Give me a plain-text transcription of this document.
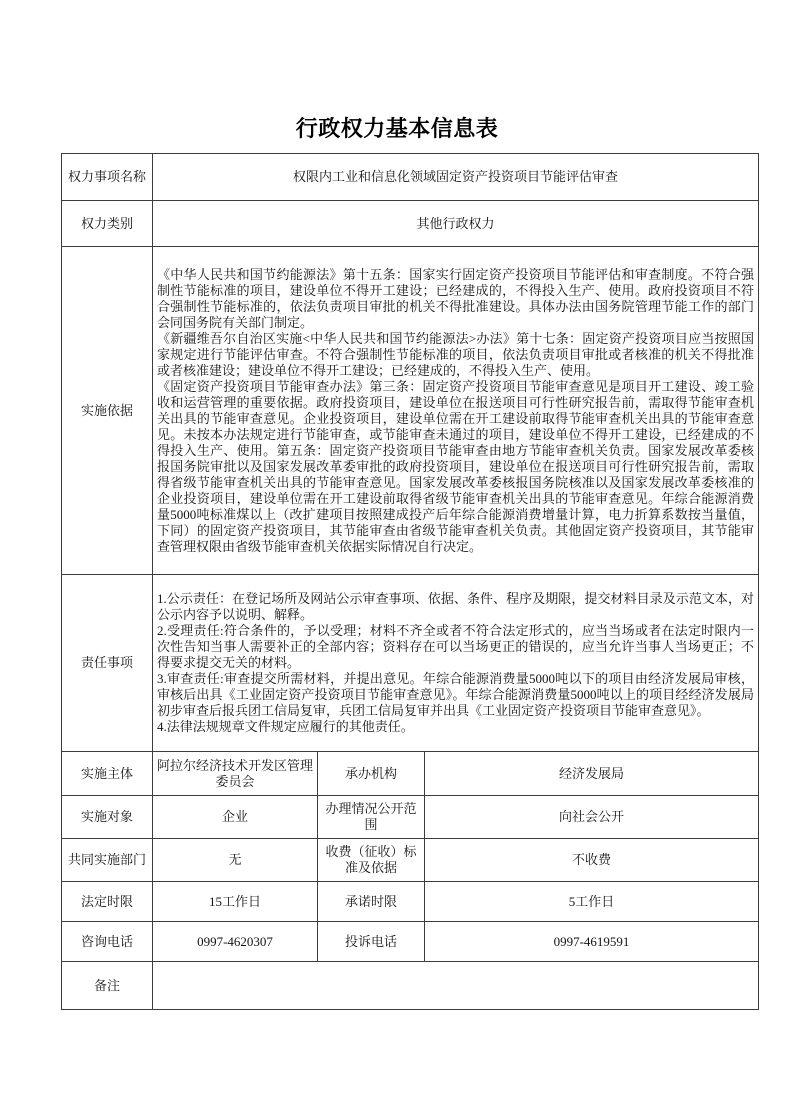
行政权力基本信息表
权力事项名称	权限内工业和信息化领域固定资产投资项目节能评估审查		
权力类别	其他行政权力		
实施依据	《中华人民共和国节约能源法》第十五条：国家实行固定资产投资项目节能评估和审查制度。不符合强制性节能标准的项目，建设单位不得开工建设；已经建成的，不得投入生产、使用。政府投资项目不符合强制性节能标准的，依法负责项目审批的机关不得批准建设。具体办法由国务院管理节能工作的部门会同国务院有关部门制定。

《新疆维吾尔自治区实施<中华人民共和国节约能源法>办法》第十七条：固定资产投资项目应当按照国家规定进行节能评估审查。不符合强制性节能标准的项目，依法负责项目审批或者核准的机关不得批准或者核准建设；建设单位不得开工建设；已经建成的，不得投入生产、使用。

《固定资产投资项目节能审查办法》第三条：固定资产投资项目节能审查意见是项目开工建设、竣工验收和运营管理的重要依据。政府投资项目，建设单位在报送项目可行性研究报告前，需取得节能审查机关出具的节能审查意见。企业投资项目，建设单位需在开工建设前取得节能审查机关出具的节能审查意见。未按本办法规定进行节能审查，或节能审查未通过的项目，建设单位不得开工建设，已经建成的不得投入生产、使用。第五条：固定资产投资项目节能审查由地方节能审查机关负责。国家发展改革委核报国务院审批以及国家发展改革委审批的政府投资项目，建设单位在报送项目可行性研究报告前，需取得省级节能审查机关出具的节能审查意见。国家发展改革委核报国务院核准以及国家发展改革委核准的企业投资项目，建设单位需在开工建设前取得省级节能审查机关出具的节能审查意见。年综合能源消费量5000吨标准煤以上（改扩建项目按照建成投产后年综合能源消费增量计算，电力折算系数按当量值，下同）的固定资产投资项目，其节能审查由省级节能审查机关负责。其他固定资产投资项目，其节能审查管理权限由省级节能审查机关依据实际情况自行决定。		

责任事项	1.公示责任：在登记场所及网站公示审查事项、依据、条件、程序及期限，提交材料目录及示范文本，对公示内容予以说明、解释。

2.受理责任:符合条件的，予以受理；材料不齐全或者不符合法定形式的，应当当场或者在法定时限内一次性告知当事人需要补正的全部内容；资料存在可以当场更正的错误的，应当允许当事人当场更正；不得要求提交无关的材料。

3.审查责任:审查提交所需材料，并提出意见。年综合能源消费量5000吨以下的项目由经济发展局审核，审核后出具《工业固定资产投资项目节能审查意见》。年综合能源消费量5000吨以上的项目经经济发展局初步审查后报兵团工信局复审，兵团工信局复审并出具《工业固定资产投资项目节能审查意见》。

4.法律法规规章文件规定应履行的其他责任。		

实施主体	阿拉尔经济技术开发区管理委员会	承办机构	经济发展局
实施对象	企业	办理情况公开范围	向社会公开
共同实施部门	无	收费（征收）标准及依据	不收费
法定时限	15工作日	承诺时限	5工作日
咨询电话	0997-4620307	投诉电话	0997-4619591
备注			
